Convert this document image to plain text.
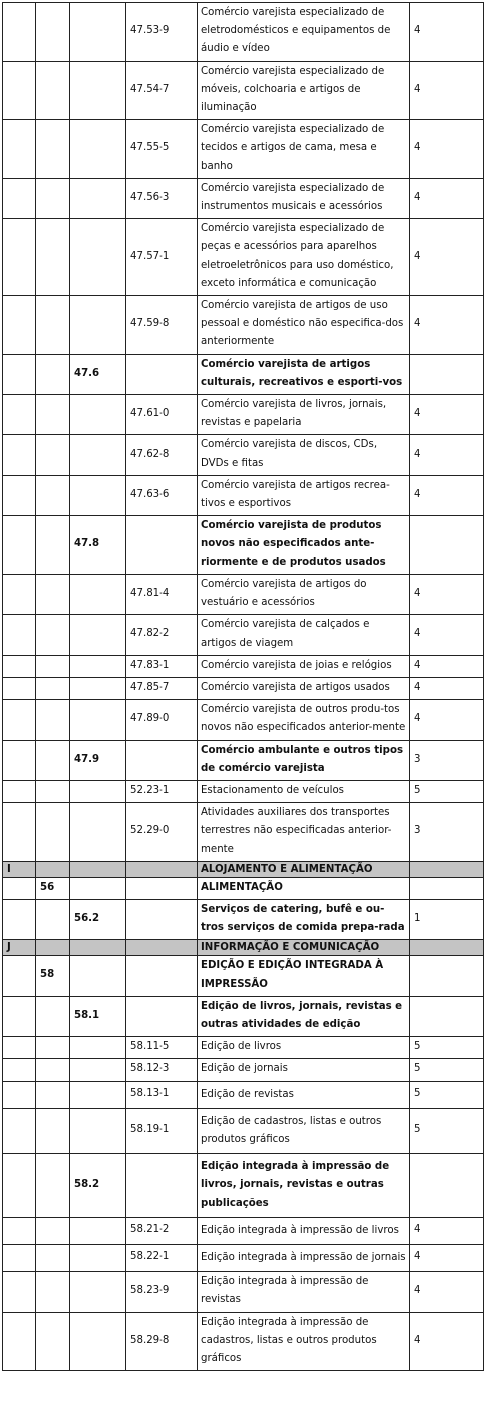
			47.53-9	Comércio varejista especializado de eletrodomésticos e equipamentos de áudio e vídeo	4
			47.54-7	Comércio varejista especializado de móveis, colchoaria e artigos de iluminação	4
			47.55-5	Comércio varejista especializado de tecidos e artigos de cama, mesa e banho	4
			47.56-3	Comércio varejista especializado de instrumentos musicais e acessórios	4
			47.57-1	Comércio varejista especializado de peças e acessórios para aparelhos eletroeletrônicos para uso doméstico, exceto informática e comunicação	4
			47.59-8	Comércio varejista de artigos de uso pessoal e doméstico não especifica-dos anteriormente	4
		47.6		Comércio varejista de artigos culturais, recreativos e esporti-vos	
			47.61-0	Comércio varejista de livros, jornais, revistas e papelaria	4
			47.62-8	Comércio varejista de discos, CDs, DVDs e fitas	4
			47.63-6	Comércio varejista de artigos recrea-tivos e esportivos	4
		47.8		Comércio varejista de produtos novos não especificados ante-riormente e de produtos usados	
			47.81-4	Comércio varejista de artigos do vestuário e acessórios	4
			47.82-2	Comércio varejista de calçados e artigos de viagem	4
			47.83-1	Comércio varejista de joias e relógios	4
			47.85-7	Comércio varejista de artigos usados	4
			47.89-0	Comércio varejista de outros produ-tos novos não especificados anterior-mente	4
		47.9		Comércio ambulante e outros tipos de comércio varejista	3
			52.23-1	Estacionamento de veículos	5
			52.29-0	Atividades auxiliares dos transportes terrestres não especificadas anterior-mente	3
I				ALOJAMENTO E ALIMENTAÇÃO	
	56			ALIMENTAÇÃO	
		56.2		Serviços de catering, bufê e ou-tros serviços de comida prepa-rada	1
J				INFORMAÇÃO E COMUNICAÇÃO	
	58			EDIÇÃO E EDIÇÃO INTEGRADA À IMPRESSÃO	
		58.1		Edição de livros, jornais, revistas e outras atividades de edição	
			58.11-5	Edição de livros	5
			58.12-3	Edição de jornais	5
			58.13-1	Edição de revistas	5
			58.19-1	Edição de cadastros, listas e outros produtos gráficos	5
		58.2		Edição integrada à impressão de livros, jornais, revistas e outras publicações	
			58.21-2	Edição integrada à impressão de livros	4
			58.22-1	Edição integrada à impressão de jornais	4
			58.23-9	Edição integrada à impressão de revistas	4
			58.29-8	Edição integrada à impressão de cadastros, listas e outros produtos gráficos	4
